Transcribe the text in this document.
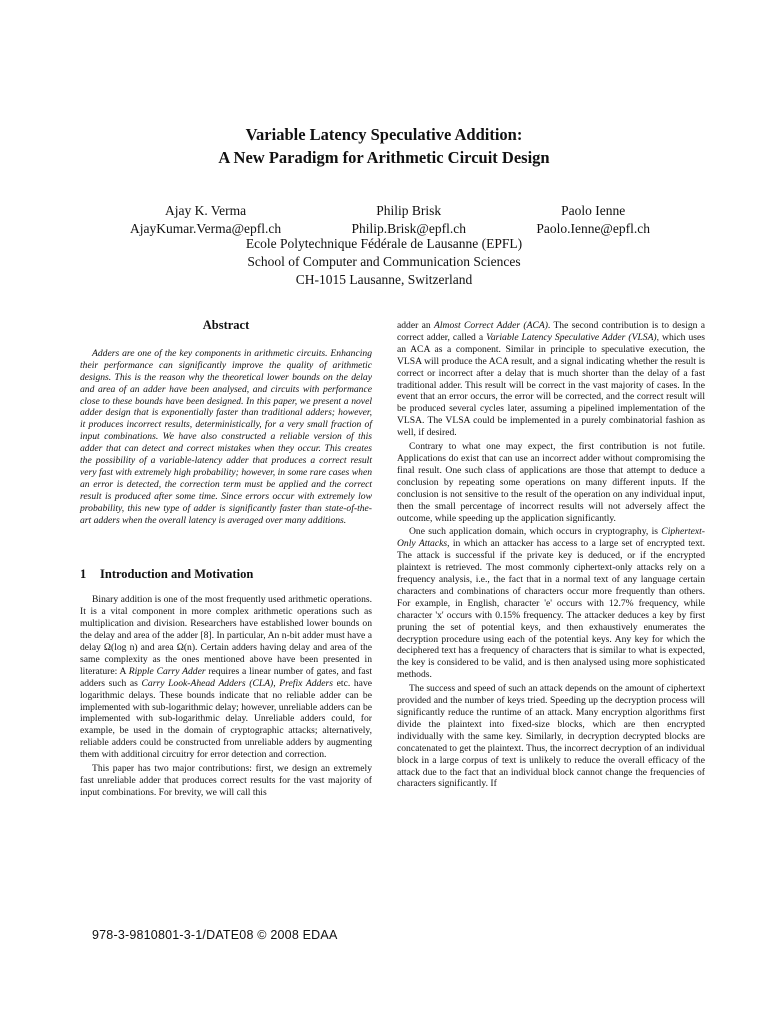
Variable Latency Speculative Addition:
A New Paradigm for Arithmetic Circuit Design
Ajay K. Verma
AjayKumar.Verma@epfl.ch
Philip Brisk
Philip.Brisk@epfl.ch
Paolo Ienne
Paolo.Ienne@epfl.ch
Ecole Polytechnique Fédérale de Lausanne (EPFL)
School of Computer and Communication Sciences
CH-1015 Lausanne, Switzerland
Abstract

Adders are one of the key components in arithmetic circuits. Enhancing their performance can significantly improve the quality of arithmetic designs. This is the reason why the theoretical lower bounds on the delay and area of an adder have been analysed, and circuits with performance close to these bounds have been designed. In this paper, we present a novel adder design that is exponentially faster than traditional adders; however, it produces incorrect results, deterministically, for a very small fraction of input combinations. We have also constructed a reliable version of this adder that can detect and correct mistakes when they occur. This creates the possibility of a variable-latency adder that produces a correct result very fast with extremely high probability; however, in some rare cases when an error is detected, the correction term must be applied and the correct result is produced after some time. Since errors occur with extremely low probability, this new type of adder is significantly faster than state-of-the-art adders when the overall latency is averaged over many additions.

1 Introduction and Motivation

Binary addition is one of the most frequently used arithmetic operations. It is a vital component in more complex arithmetic operations such as multiplication and division. Researchers have established lower bounds on the delay and area of the adder [8]. In particular, An n-bit adder must have a delay Ω(log n) and area Ω(n). Certain adders having delay and area of the same complexity as the ones mentioned above have been presented in literature: A Ripple Carry Adder requires a linear number of gates, and fast adders such as Carry Look-Ahead Adders (CLA), Prefix Adders etc. have logarithmic delays. These bounds indicate that no reliable adder can be implemented with sub-logarithmic delay; however, unreliable adders can be implemented with sub-logarithmic delay. Unreliable adders could, for example, be used in the domain of cryptographic attacks; alternatively, reliable adders could be constructed from unreliable adders by augmenting them with additional circuitry for error detection and correction.

This paper has two major contributions: first, we design an extremely fast unreliable adder that produces correct results for the vast majority of input combinations. For brevity, we will call this

adder an Almost Correct Adder (ACA). The second contribution is to design a correct adder, called a Variable Latency Speculative Adder (VLSA), which uses an ACA as a component. Similar in principle to speculative execution, the VLSA will produce the ACA result, and a signal indicating whether the result is correct or incorrect after a delay that is much shorter than the delay of a fast traditional adder. This result will be correct in the vast majority of cases. In the event that an error occurs, the error will be corrected, and the correct result will be produced several cycles later, assuming a pipelined implementation of the VLSA. The VLSA could be implemented in a purely combinatorial fashion as well, if desired.

Contrary to what one may expect, the first contribution is not futile. Applications do exist that can use an incorrect adder without compromising the final result. One such class of applications are those that attempt to deduce a conclusion by repeating some operations on many different inputs. If the conclusion is not sensitive to the result of the operation on any individual input, then the small percentage of incorrect results will not adversely affect the outcome, while speeding up the application significantly.

One such application domain, which occurs in cryptography, is Ciphertext-Only Attacks, in which an attacker has access to a large set of encrypted text. The attack is successful if the private key is deduced, or if the encrypted plaintext is retrieved. The most commonly ciphertext-only attacks rely on a frequency analysis, i.e., the fact that in a normal text of any language certain characters and combinations of characters occur more frequently than others. For example, in English, character 'e' occurs with 12.7% frequency, while character 'x' occurs with 0.15% frequency. The attacker deduces a key by first pruning the set of potential keys, and then exhaustively enumerates the decryption procedure using each of the potential keys. Any key for which the deciphered text has a frequency of characters that is similar to what is expected, the key is considered to be valid, and is then analysed using more sophisticated methods.

The success and speed of such an attack depends on the amount of ciphertext provided and the number of keys tried. Speeding up the decryption process will significantly reduce the runtime of an attack. Many encryption algorithms first divide the plaintext into fixed-size blocks, which are then encrypted individually with the same key. Similarly, in decryption decrypted blocks are concatenated to get the plaintext. Thus, the incorrect decryption of an individual block in a large corpus of text is unlikely to reduce the overall efficacy of the attack due to the fact that an individual block cannot change the frequencies of characters significantly. If

978-3-9810801-3-1/DATE08 © 2008 EDAA
